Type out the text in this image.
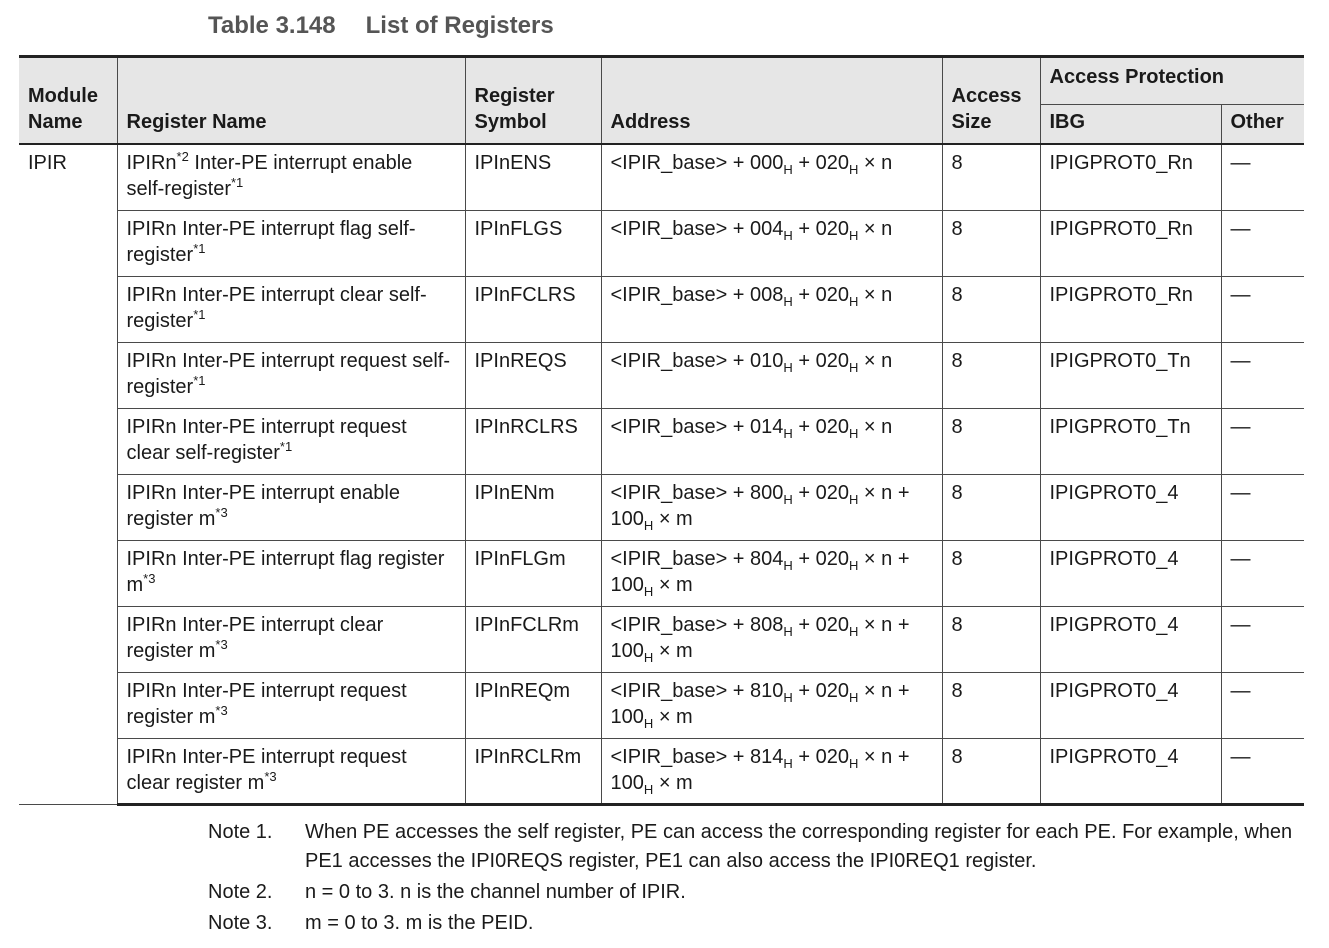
Table 3.148 List of Registers
Module Name	Register Name	Register Symbol	Address	Access Size	Access Protection	
					IBG	Other
IPIR	IPIRn$^{*2}$ Inter-PE interrupt enable self-register$^{*1}$	IPInENS	<IPIR_base> + $000_H + 020_H \times n$	8	IPIGPROT0_Rn	—
	IPIRn Inter-PE interrupt flag self-register$^{*1}$	IPInFLGS	<IPIR_base> + $004_H + 020_H \times n$	8	IPIGPROT0_Rn	—
	IPIRn Inter-PE interrupt clear self-register$^{*1}$	IPInFCLRS	<IPIR_base> + $008_H + 020_H \times n$	8	IPIGPROT0_Rn	—
	IPIRn Inter-PE interrupt request self-register$^{*1}$	IPInREQS	<IPIR_base> + $010_H + 020_H \times n$	8	IPIGPROT0_Tn	—
	IPIRn Inter-PE interrupt request clear self-register$^{*1}$	IPInRCLRS	<IPIR_base> + $014_H + 020_H \times n$	8	IPIGPROT0_Tn	—
	IPIRn Inter-PE interrupt enable register $m^{*3}$	IPInENm	<IPIR_base> + $800_H + 020_H \times n + 100_H \times m$	8	IPIGPROT0_4	—
	IPIRn Inter-PE interrupt flag register $m^{*3}$	IPInFLGm	<IPIR_base> + $804_H + 020_H \times n + 100_H \times m$	8	IPIGPROT0_4	—
	IPIRn Inter-PE interrupt clear register $m^{*3}$	IPInFCLRm	<IPIR_base> + $808_H + 020_H \times n + 100_H \times m$	8	IPIGPROT0_4	—
	IPIRn Inter-PE interrupt request register $m^{*3}$	IPInREQm	<IPIR_base> + $810_H + 020_H \times n + 100_H \times m$	8	IPIGPROT0_4	—
	IPIRn Inter-PE interrupt request clear register $m^{*3}$	IPInRCLRm	<IPIR_base> + $814_H + 020_H \times n + 100_H \times m$	8	IPIGPROT0_4	—
Note 1.	When PE accesses the self register, PE can access the corresponding register for each PE. For example, when PE1 accesses the IPI0REQS register, PE1 can also access the IPI0REQ1 register.
Note 2.	n = 0 to 3. n is the channel number of IPIR.
Note 3.	m = 0 to 3. m is the PEID.
